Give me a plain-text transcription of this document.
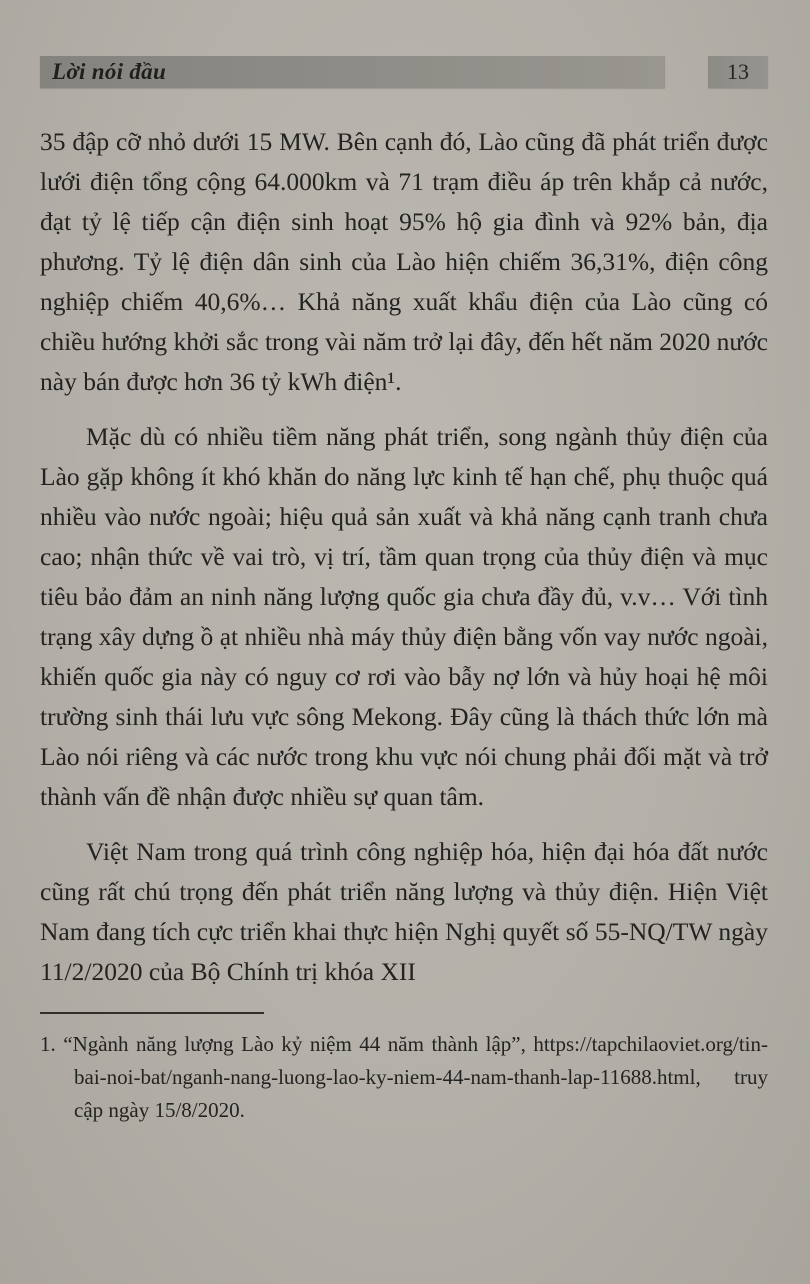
Lời nói đầu	13

35 đập cỡ nhỏ dưới 15 MW. Bên cạnh đó, Lào cũng đã phát triển được lưới điện tổng cộng 64.000km và 71 trạm điều áp trên khắp cả nước, đạt tỷ lệ tiếp cận điện sinh hoạt 95% hộ gia đình và 92% bản, địa phương. Tỷ lệ điện dân sinh của Lào hiện chiếm 36,31%, điện công nghiệp chiếm 40,6%… Khả năng xuất khẩu điện của Lào cũng có chiều hướng khởi sắc trong vài năm trở lại đây, đến hết năm 2020 nước này bán được hơn 36 tỷ kWh điện¹.

Mặc dù có nhiều tiềm năng phát triển, song ngành thủy điện của Lào gặp không ít khó khăn do năng lực kinh tế hạn chế, phụ thuộc quá nhiều vào nước ngoài; hiệu quả sản xuất và khả năng cạnh tranh chưa cao; nhận thức về vai trò, vị trí, tầm quan trọng của thủy điện và mục tiêu bảo đảm an ninh năng lượng quốc gia chưa đầy đủ, v.v… Với tình trạng xây dựng ồ ạt nhiều nhà máy thủy điện bằng vốn vay nước ngoài, khiến quốc gia này có nguy cơ rơi vào bẫy nợ lớn và hủy hoại hệ môi trường sinh thái lưu vực sông Mekong. Đây cũng là thách thức lớn mà Lào nói riêng và các nước trong khu vực nói chung phải đối mặt và trở thành vấn đề nhận được nhiều sự quan tâm.

Việt Nam trong quá trình công nghiệp hóa, hiện đại hóa đất nước cũng rất chú trọng đến phát triển năng lượng và thủy điện. Hiện Việt Nam đang tích cực triển khai thực hiện Nghị quyết số 55-NQ/TW ngày 11/2/2020 của Bộ Chính trị khóa XII

1. “Ngành năng lượng Lào kỷ niệm 44 năm thành lập”, https://tapchilaoviet.org/tin-bai-noi-bat/nganh-nang-luong-lao-ky-niem-44-nam-thanh-lap-11688.html, truy cập ngày 15/8/2020.
